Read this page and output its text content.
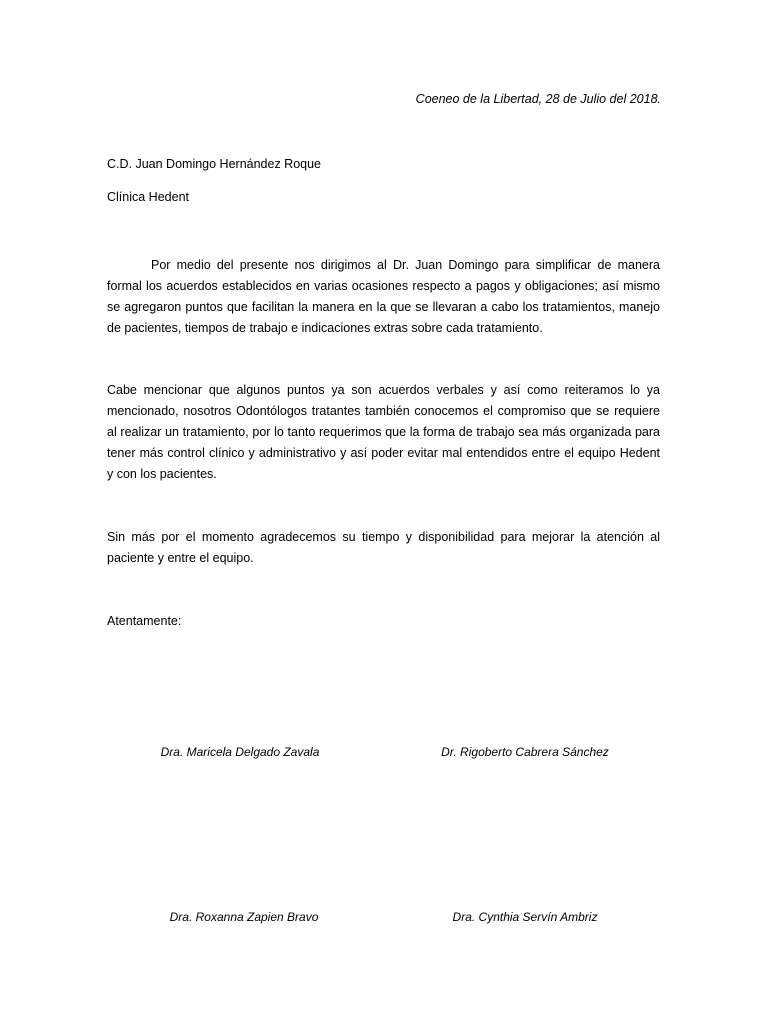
Coeneo de la Libertad, 28 de Julio del 2018.
C.D. Juan Domingo Hernández Roque
Clínica Hedent

Por medio del presente nos dirigimos al Dr. Juan Domingo para simplificar de manera formal los acuerdos establecidos en varias ocasiones respecto a pagos y obligaciones; así mismo se agregaron puntos que facilitan la manera en la que se llevaran a cabo los tratamientos, manejo de pacientes, tiempos de trabajo e indicaciones extras sobre cada tratamiento.

Cabe mencionar que algunos puntos ya son acuerdos verbales y así como reiteramos lo ya mencionado, nosotros Odontólogos tratantes también conocemos el compromiso que se requiere al realizar un tratamiento, por lo tanto requerimos que la forma de trabajo sea más organizada para tener más control clínico y administrativo y así poder evitar mal entendidos entre el equipo Hedent y con los pacientes.

Sin más por el momento agradecemos su tiempo y disponibilidad para mejorar la atención al paciente y entre el equipo.

Atentamente:
Dra. Maricela Delgado Zavala	Dr. Rigoberto Cabrera Sánchez
Dra. Roxanna Zapien Bravo	Dra. Cynthia Servín Ambriz
